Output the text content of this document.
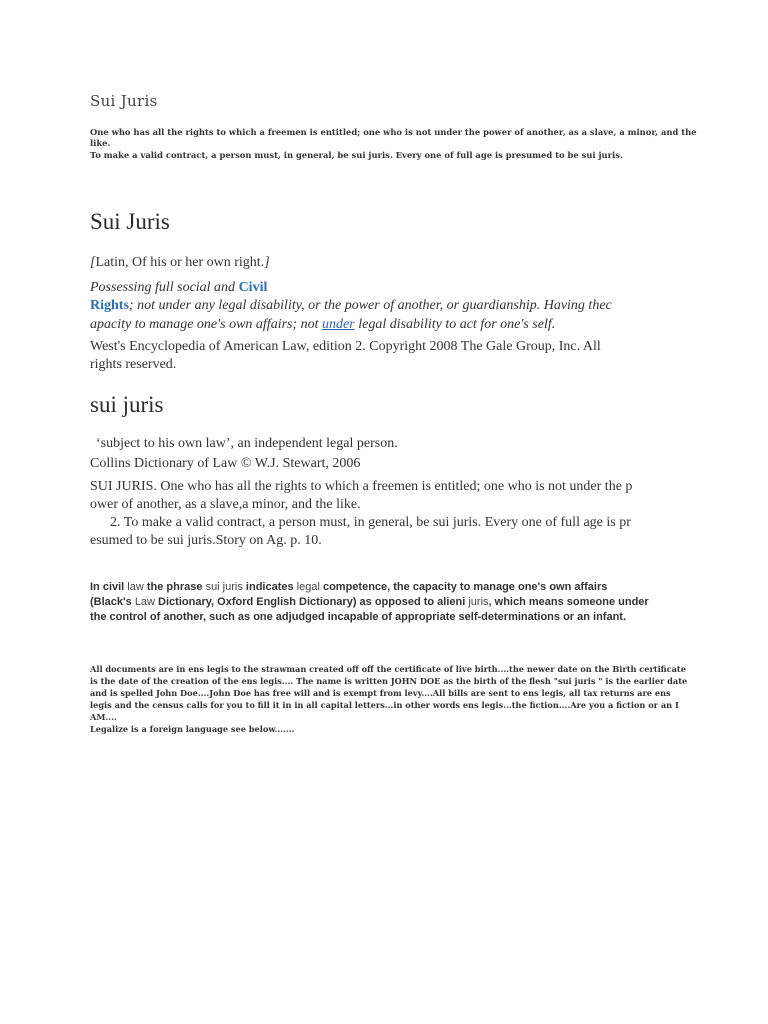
Sui Juris
One who has all the rights to which a freemen is entitled; one who is not under the power of another, as a slave, a minor, and the
like.
To make a valid contract, a person must, in general, be sui juris. Every one of full age is presumed to be sui juris.
Sui Juris
[Latin, Of his or her own right.]
Possessing full social and Civil
Rights; not under any legal disability, or the power of another, or guardianship. Having thec
apacity to manage one's own affairs; not under legal disability to act for one's self.
West's Encyclopedia of American Law, edition 2. Copyright 2008 The Gale Group, Inc. All
rights reserved.
sui juris
‘subject to his own law’, an independent legal person.
Collins Dictionary of Law © W.J. Stewart, 2006
SUI JURIS. One who has all the rights to which a freemen is entitled; one who is not under the p
ower of another, as a slave,a minor, and the like.
2. To make a valid contract, a person must, in general, be sui juris. Every one of full age is pr
esumed to be sui juris.Story on Ag. p. 10.
In civil law the phrase sui juris indicates legal competence, the capacity to manage one's own affairs
(Black's Law Dictionary, Oxford English Dictionary) as opposed to alieni juris, which means someone under
the control of another, such as one adjudged incapable of appropriate self-determinations or an infant.
All documents are in ens legis to the strawman created off off the certificate of live birth....the newer date on the Birth certificate
is the date of the creation of the ens legis.... The name is written JOHN DOE as the birth of the flesh "sui juris " is the earlier date
and is spelled John Doe....John Doe has free will and is exempt from levy....All bills are sent to ens legis, all tax returns are ens
legis and the census calls for you to fill it in in all capital letters...in other words ens legis...the fiction....Are you a fiction or an I
AM....
Legalize is a foreign language see below.......
